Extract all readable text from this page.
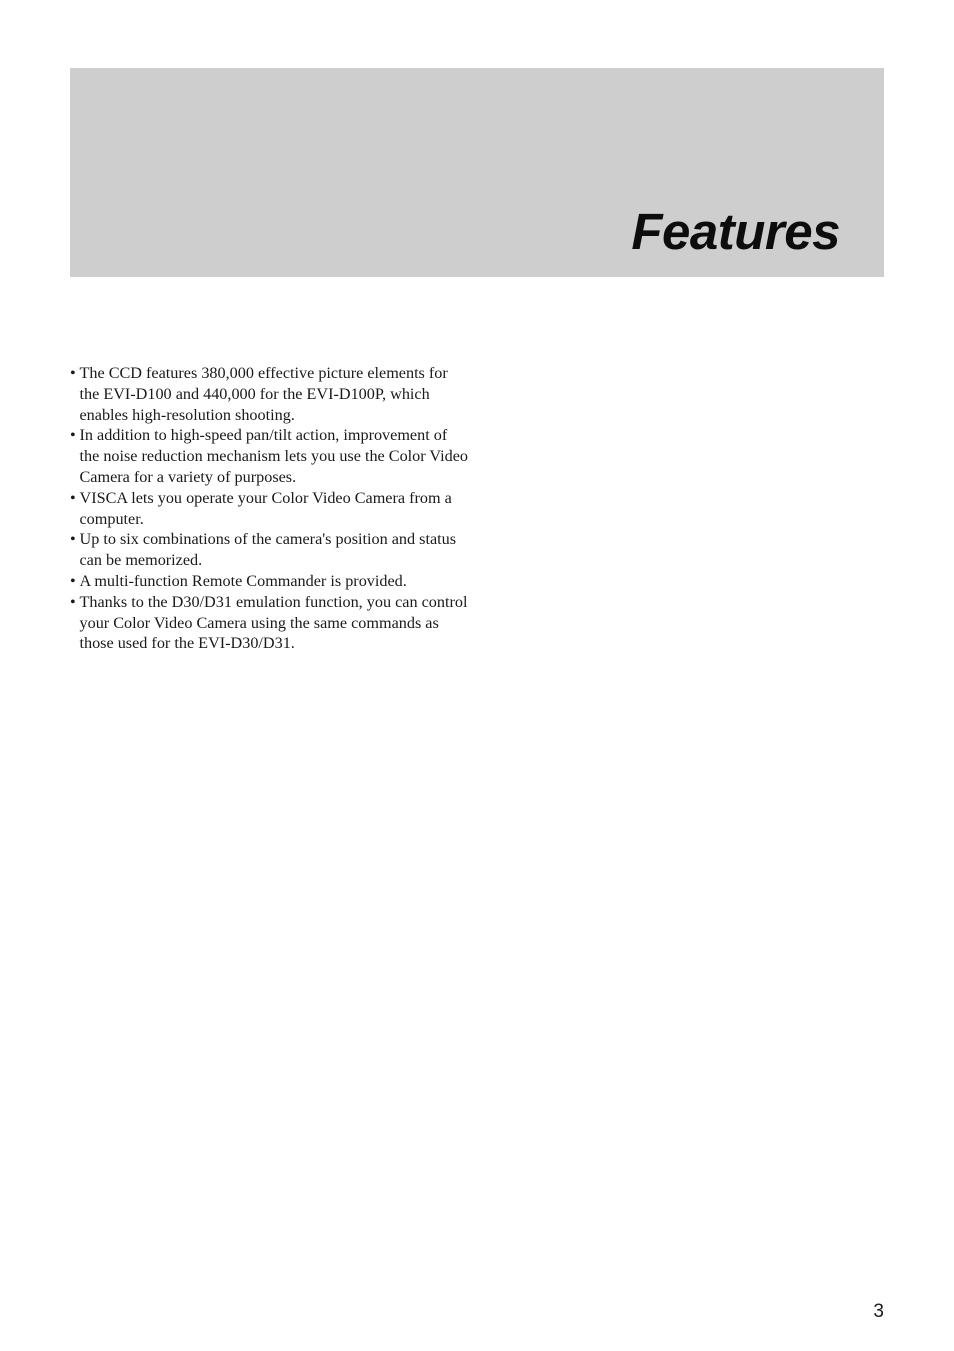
Features
• The CCD features 380,000 effective picture elements for the EVI-D100 and 440,000 for the EVI-D100P, which enables high-resolution shooting.
• In addition to high-speed pan/tilt action, improvement of the noise reduction mechanism lets you use the Color Video Camera for a variety of purposes.
• VISCA lets you operate your Color Video Camera from a computer.
• Up to six combinations of the camera's position and status can be memorized.
• A multi-function Remote Commander is provided.
• Thanks to the D30/D31 emulation function, you can control your Color Video Camera using the same commands as those used for the EVI-D30/D31.
3
